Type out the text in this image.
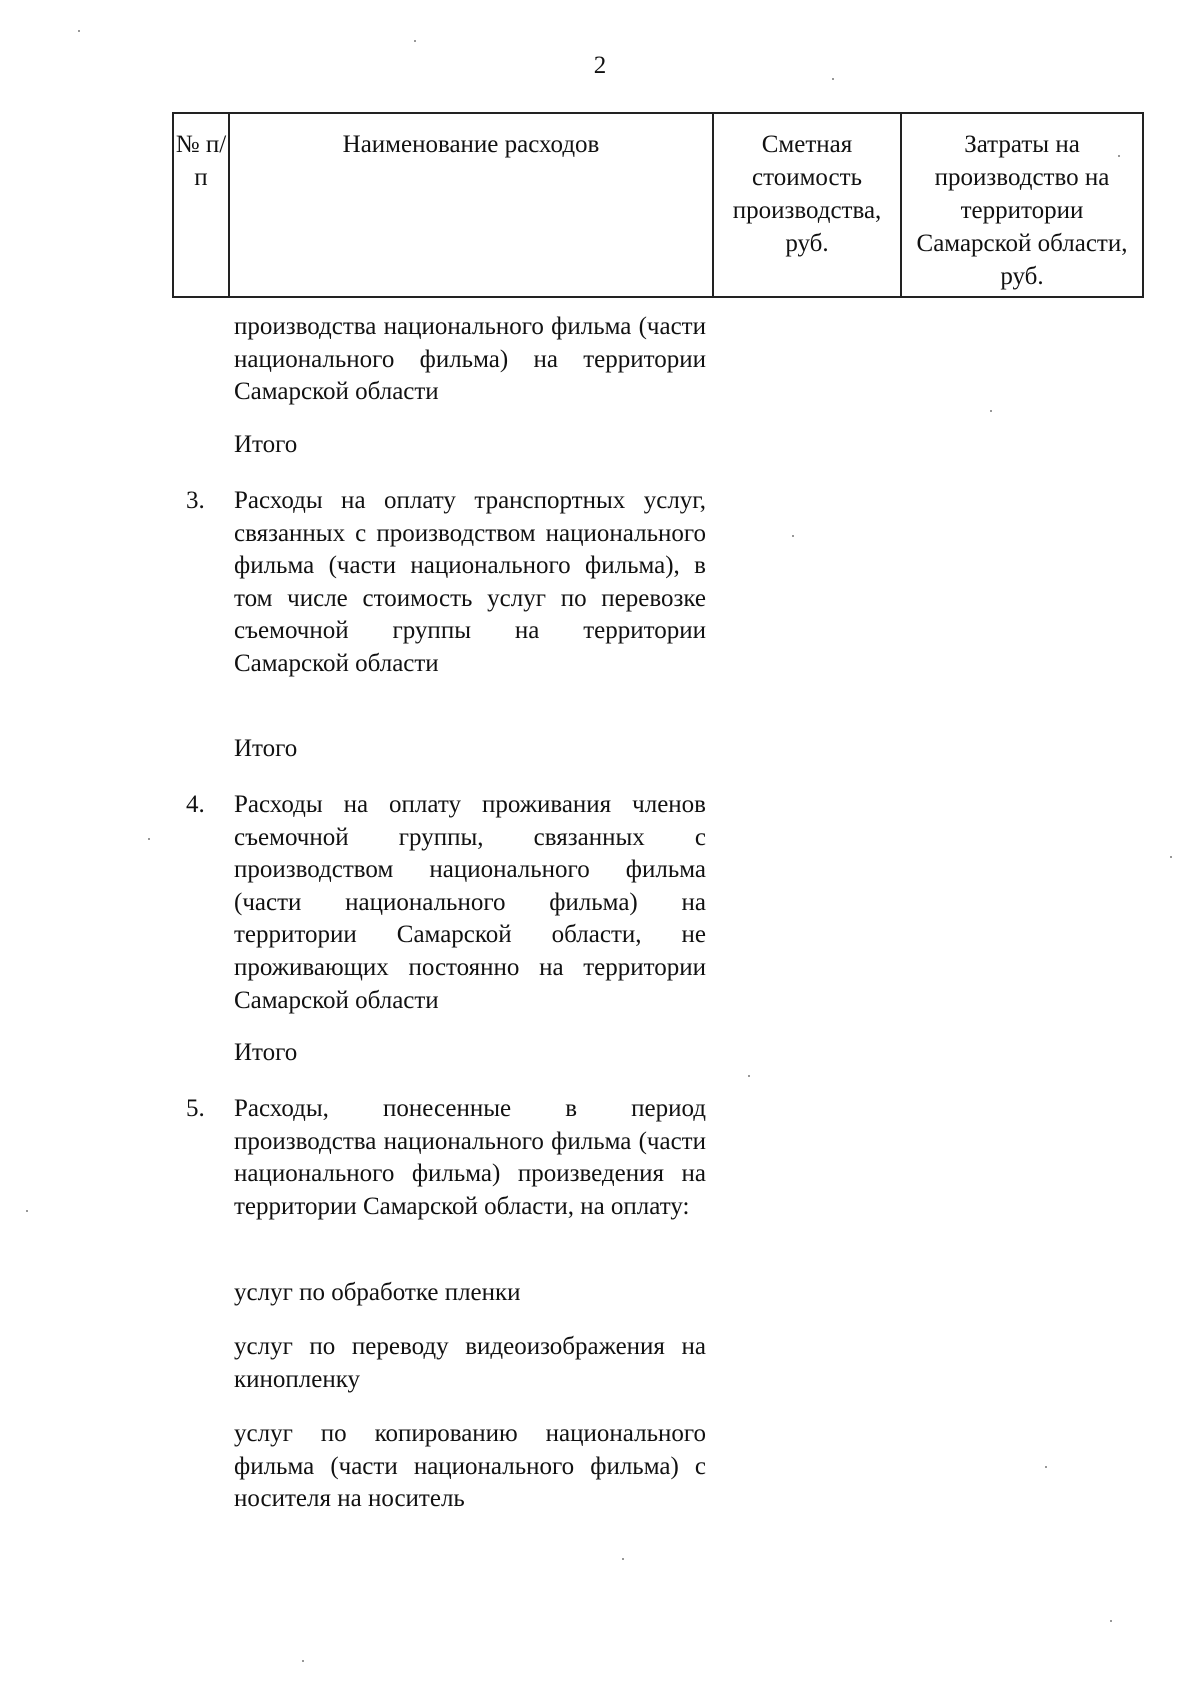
2
№ п/п
Наименование расходов	Сметная стоимость производства, руб.
Затраты на производство на территории Самарской области, руб.
производства национального фильма (части национального фильма) на территории Самарской области
Итого
3. Расходы на оплату транспортных услуг, связанных с производством национального фильма (части национального фильма), в том числе стоимость услуг по перевозке съемочной группы на территории Самарской области
Итого
4. Расходы на оплату проживания членов съемочной группы, связанных с производством национального фильма (части национального фильма) на территории Самарской области, не проживающих постоянно на территории Самарской области
Итого
5. Расходы, понесенные в период производства национального фильма (части национального фильма) произведения на территории Самарской области, на оплату:
услуг по обработке пленки
услуг по переводу видеоизображения на кинопленку
услуг по копированию национального фильма (части национального фильма) с носителя на носитель
